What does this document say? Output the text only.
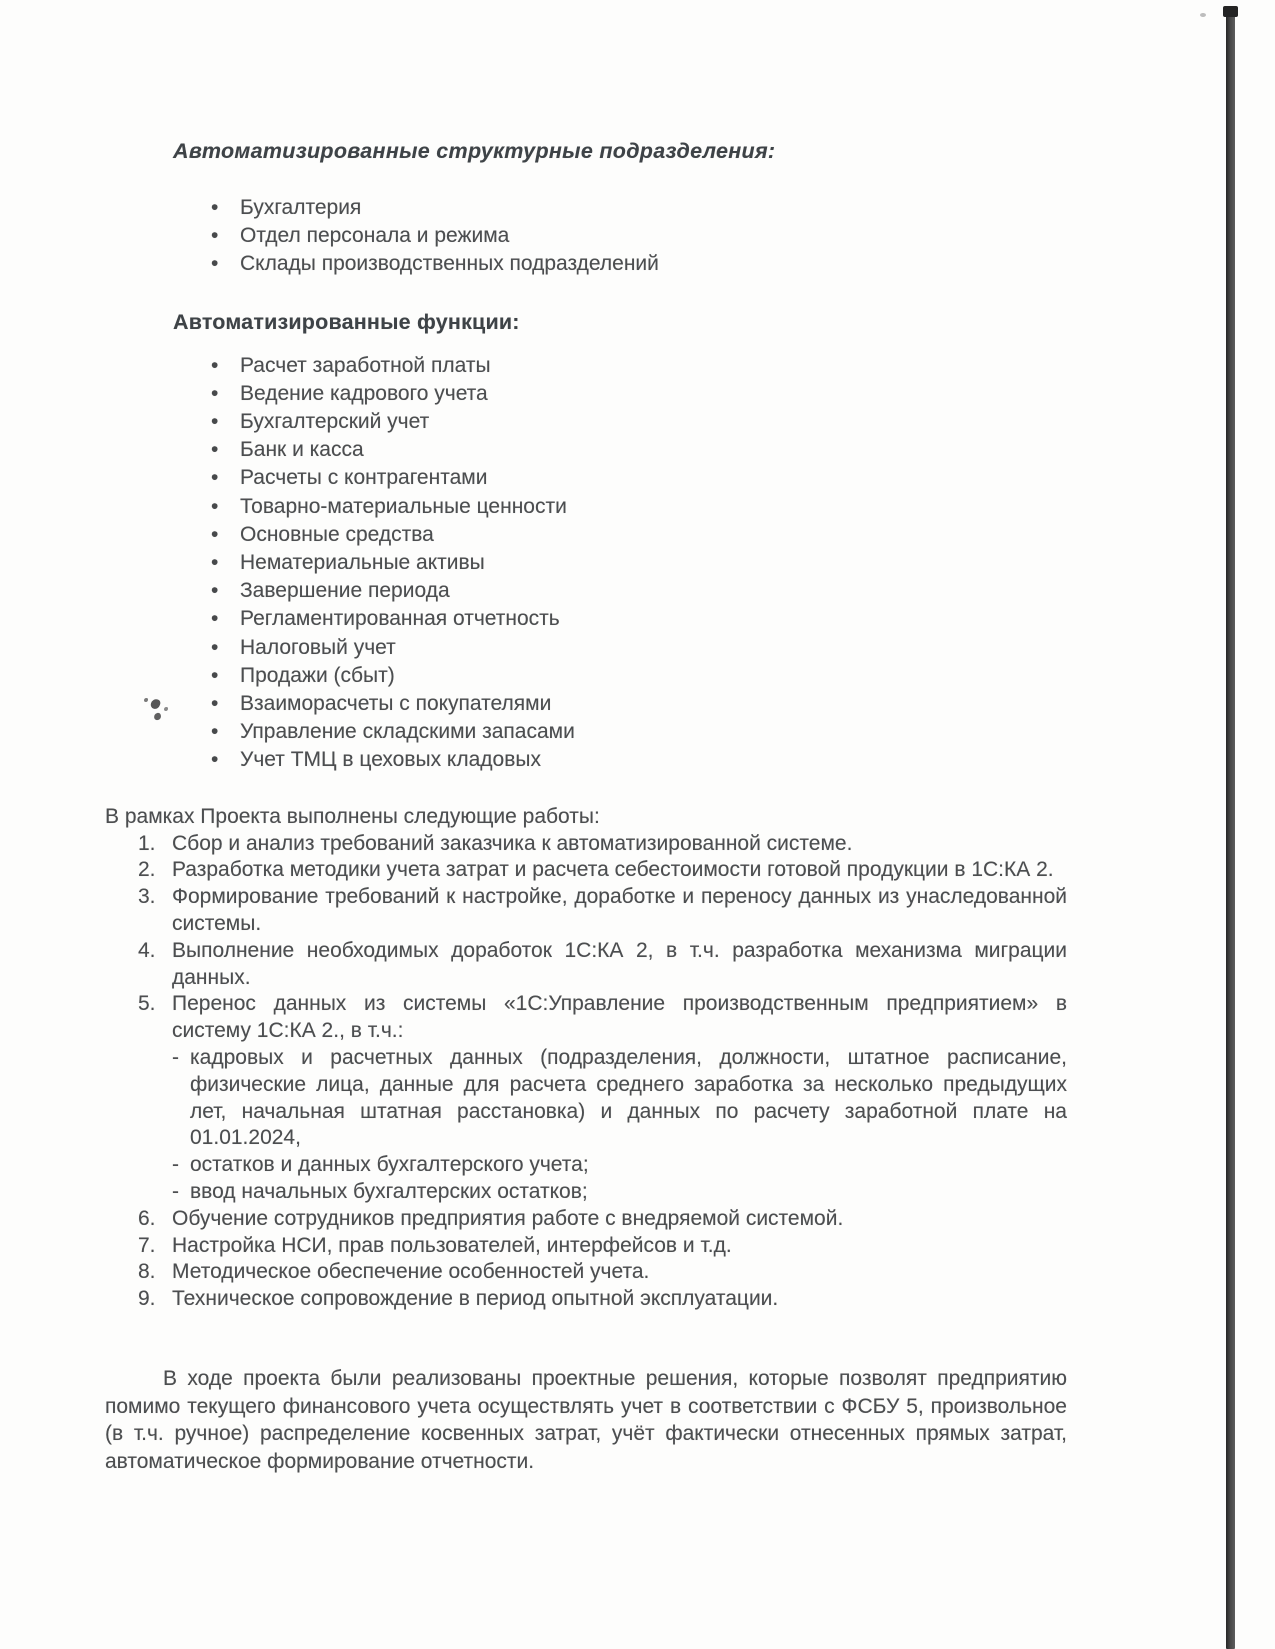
Автоматизированные структурные подразделения:
• Бухгалтерия
• Отдел персонала и режима
• Склады производственных подразделений
Автоматизированные функции:
• Расчет заработной платы
• Ведение кадрового учета
• Бухгалтерский учет
• Банк и касса
• Расчеты с контрагентами
• Товарно-материальные ценности
• Основные средства
• Нематериальные активы
• Завершение периода
• Регламентированная отчетность
• Налоговый учет
• Продажи (сбыт)
• Взаиморасчеты с покупателями
• Управление складскими запасами
• Учет ТМЦ в цеховых кладовых

В рамках Проекта выполнены следующие работы:

1. Сбор и анализ требований заказчика к автоматизированной системе.
2. Разработка методики учета затрат и расчета себестоимости готовой продукции в 1С:КА 2.
3. Формирование требований к настройке, доработке и переносу данных из унаследованной системы.
4. Выполнение необходимых доработок 1С:КА 2, в т.ч. разработка механизма миграции данных.
5. Перенос данных из системы «1С:Управление производственным предприятием» в систему 1С:КА 2., в т.ч.:
- кадровых и расчетных данных (подразделения, должности, штатное расписание, физические лица, данные для расчета среднего заработка за несколько предыдущих лет, начальная штатная расстановка) и данных по расчету заработной плате на 01.01.2024,
- остатков и данных бухгалтерского учета;
- ввод начальных бухгалтерских остатков;
6. Обучение сотрудников предприятия работе с внедряемой системой.
7. Настройка НСИ, прав пользователей, интерфейсов и т.д.
8. Методическое обеспечение особенностей учета.
9. Техническое сопровождение в период опытной эксплуатации.

В ходе проекта были реализованы проектные решения, которые позволят предприятию помимо текущего финансового учета осуществлять учет в соответствии с ФСБУ 5, произвольное (в т.ч. ручное) распределение косвенных затрат, учёт фактически отнесенных прямых затрат, автоматическое формирование отчетности.
